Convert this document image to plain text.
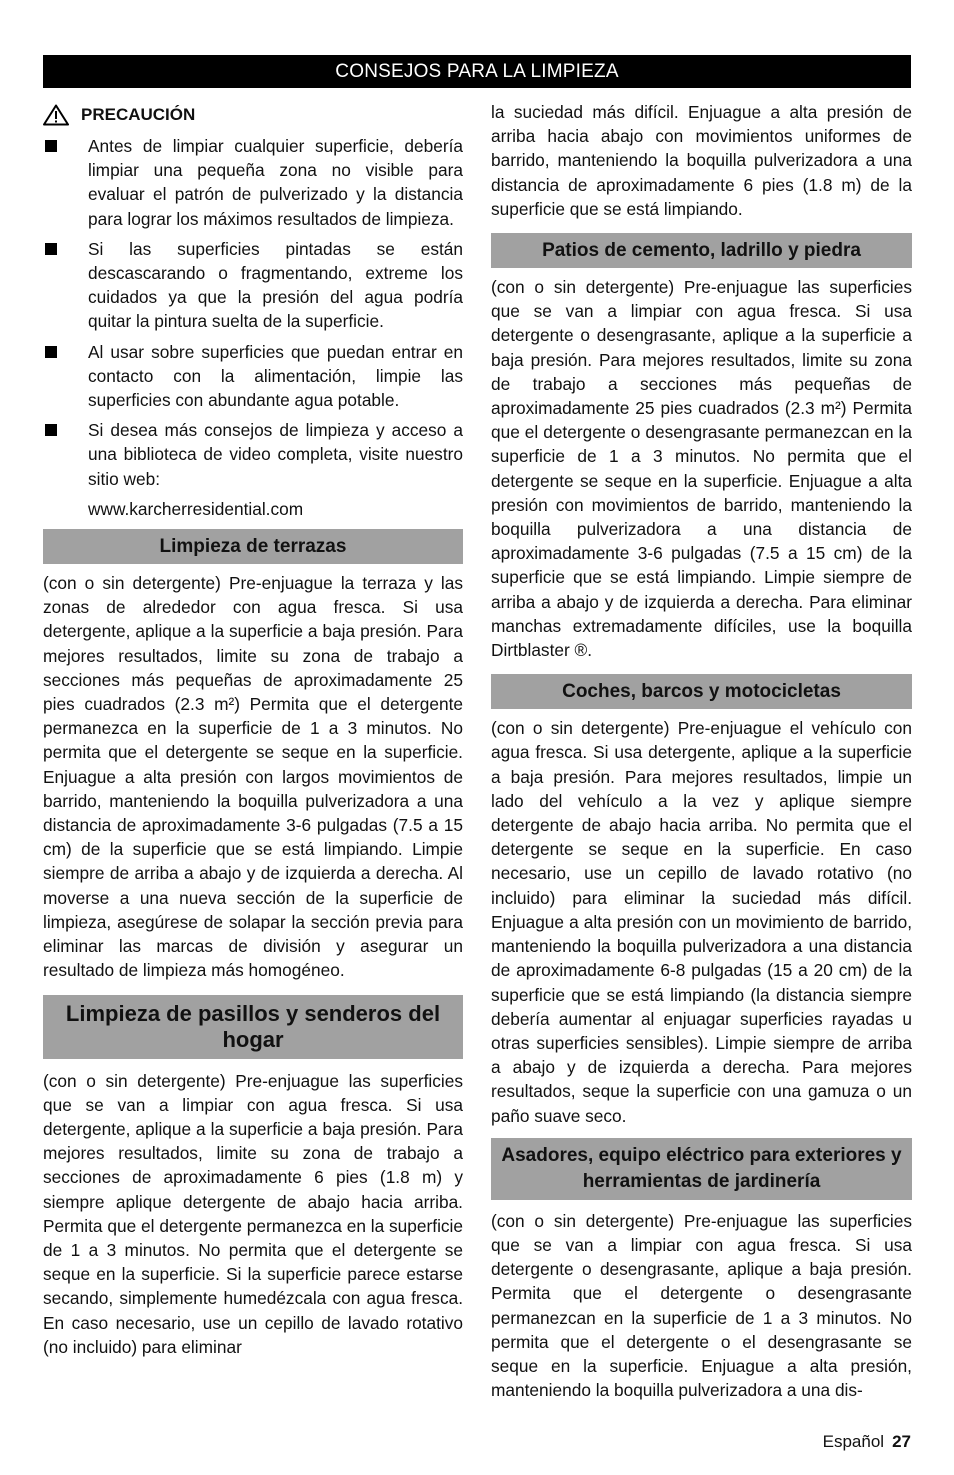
CONSEJOS PARA LA LIMPIEZA
PRECAUCIÓN
Antes de limpiar cualquier superficie, debería limpiar una pequeña zona no visible para evaluar el patrón de pulverizado y la distancia para lograr los máximos resultados de limpieza.
Si las superficies pintadas se están descascarando o fragmentando, extreme los cuidados ya que la presión del agua podría quitar la pintura suelta de la superficie.
Al usar sobre superficies que puedan entrar en contacto con la alimentación, limpie las superficies con abundante agua potable.
Si desea más consejos de limpieza y acceso a una biblioteca de video completa, visite nuestro sitio web:
www.karcherresidential.com
Limpieza de terrazas

(con o sin detergente) Pre-enjuague la terraza y las zonas de alrededor con agua fresca. Si usa detergente, aplique a la superficie a baja presión. Para mejores resultados, limite su zona de trabajo a secciones más pequeñas de aproximadamente 25 pies cuadrados (2.3 m²) Permita que el detergente permanezca en la superficie de 1 a 3 minutos. No permita que el detergente se seque en la superficie. Enjuague a alta presión con largos movimientos de barrido, manteniendo la boquilla pulverizadora a una distancia de aproximadamente 3-6 pulgadas (7.5 a 15 cm) de la superficie que se está limpiando. Limpie siempre de arriba a abajo y de izquierda a derecha. Al moverse a una nueva sección de la superficie de limpieza, asegúrese de solapar la sección previa para eliminar las marcas de división y asegurar un resultado de limpieza más homogéneo.

Limpieza de pasillos y senderos del hogar

(con o sin detergente) Pre-enjuague las superficies que se van a limpiar con agua fresca. Si usa detergente, aplique a la superficie a baja presión. Para mejores resultados, limite su zona de trabajo a secciones de aproximadamente 6 pies (1.8 m) y siempre aplique detergente de abajo hacia arriba. Permita que el detergente permanezca en la superficie de 1 a 3 minutos. No permita que el detergente se seque en la superficie. Si la superficie parece estarse secando, simplemente humedézcala con agua fresca. En caso necesario, use un cepillo de lavado rotativo (no incluido) para eliminar

la suciedad más difícil. Enjuague a alta presión de arriba hacia abajo con movimientos uniformes de barrido, manteniendo la boquilla pulverizadora a una distancia de aproximadamente 6 pies (1.8 m) de la superficie que se está limpiando.

Patios de cemento, ladrillo y piedra

(con o sin detergente) Pre-enjuague las superficies que se van a limpiar con agua fresca. Si usa detergente o desengrasante, aplique a la superficie a baja presión. Para mejores resultados, limite su zona de trabajo a secciones más pequeñas de aproximadamente 25 pies cuadrados (2.3 m²) Permita que el detergente o desengrasante permanezcan en la superficie de 1 a 3 minutos. No permita que el detergente se seque en la superficie. Enjuague a alta presión con movimientos de barrido, manteniendo la boquilla pulverizadora a una distancia de aproximadamente 3-6 pulgadas (7.5 a 15 cm) de la superficie que se está limpiando. Limpie siempre de arriba a abajo y de izquierda a derecha. Para eliminar manchas extremadamente difíciles, use la boquilla Dirtblaster ®.

Coches, barcos y motocicletas

(con o sin detergente) Pre-enjuague el vehículo con agua fresca. Si usa detergente, aplique a la superficie a baja presión. Para mejores resultados, limpie un lado del vehículo a la vez y aplique siempre detergente de abajo hacia arriba. No permita que el detergente se seque en la superficie. En caso necesario, use un cepillo de lavado rotativo (no incluido) para eliminar la suciedad más difícil. Enjuague a alta presión con un movimiento de barrido, manteniendo la boquilla pulverizadora a una distancia de aproximadamente 6-8 pulgadas (15 a 20 cm) de la superficie que se está limpiando (la distancia siempre debería aumentar al enjuagar superficies rayadas u otras superficies sensibles). Limpie siempre de arriba a abajo y de izquierda a derecha. Para mejores resultados, seque la superficie con una gamuza o un paño suave seco.

Asadores, equipo eléctrico para exteriores y herramientas de jardinería

(con o sin detergente) Pre-enjuague las superficies que se van a limpiar con agua fresca. Si usa detergente o desengrasante, aplique a baja presión. Permita que el detergente o desengrasante permanezcan en la superficie de 1 a 3 minutos. No permita que el detergente o el desengrasante se seque en la superficie. Enjuague a alta presión, manteniendo la boquilla pulverizadora a una dis-

Español 27
